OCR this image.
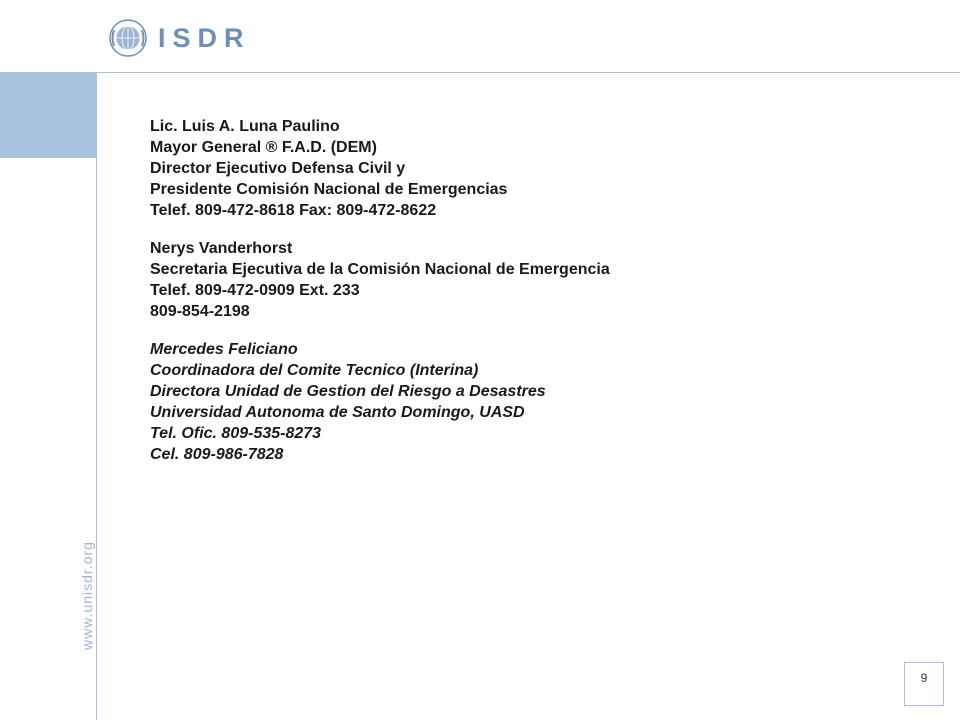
ISDR
www.unisdr.org
Lic. Luis A. Luna Paulino
Mayor General ® F.A.D. (DEM)
Director Ejecutivo Defensa Civil y
Presidente Comisión Nacional de Emergencias
Telef. 809-472-8618 Fax: 809-472-8622
Nerys Vanderhorst
Secretaria Ejecutiva de la Comisión Nacional de Emergencia
Telef. 809-472-0909 Ext. 233
809-854-2198
Mercedes Feliciano
Coordinadora del Comite Tecnico (Interina)
Directora Unidad de Gestion del Riesgo a Desastres
Universidad Autonoma de Santo Domingo, UASD
Tel. Ofic. 809-535-8273
Cel. 809-986-7828
9
